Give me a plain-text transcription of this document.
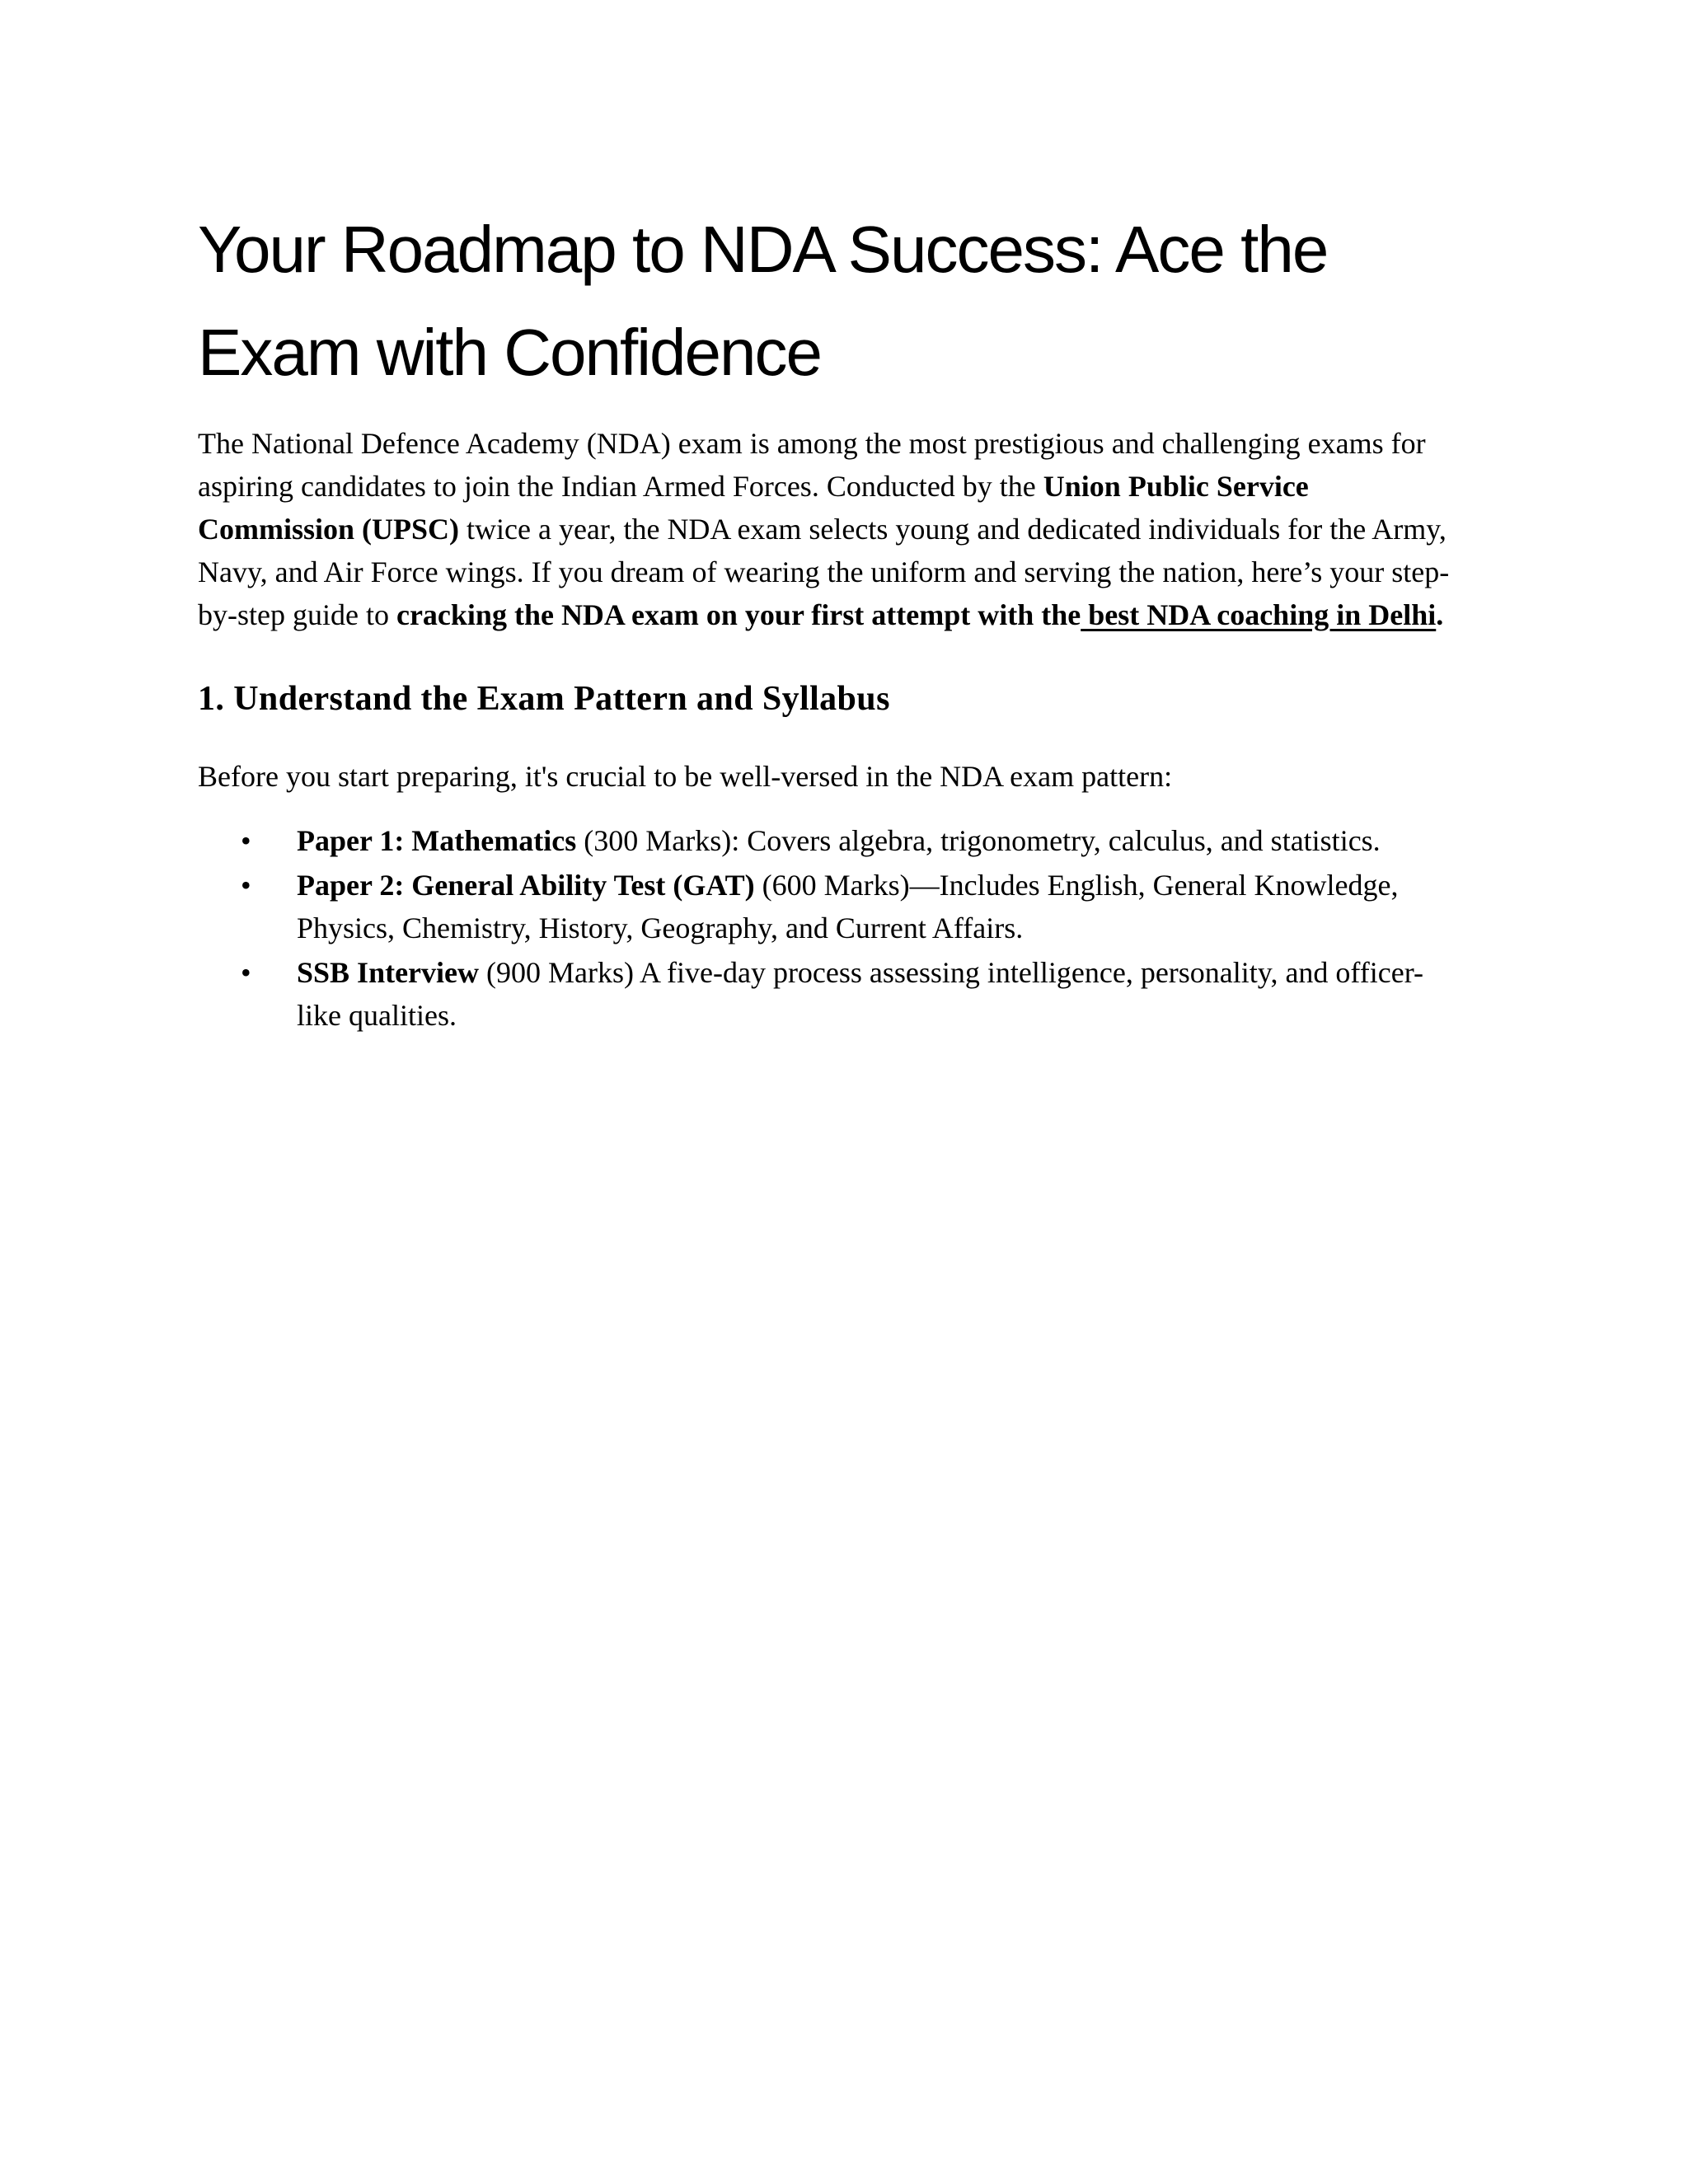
Your Roadmap to NDA Success: Ace the Exam with Confidence

The National Defence Academy (NDA) exam is among the most prestigious and challenging exams for aspiring candidates to join the Indian Armed Forces. Conducted by the Union Public Service Commission (UPSC) twice a year, the NDA exam selects young and dedicated individuals for the Army, Navy, and Air Force wings. If you dream of wearing the uniform and serving the nation, here’s your step-by-step guide to cracking the NDA exam on your first attempt with the best NDA coaching in Delhi.

1. Understand the Exam Pattern and Syllabus

Before you start preparing, it's crucial to be well-versed in the NDA exam pattern:

• Paper 1: Mathematics (300 Marks): Covers algebra, trigonometry, calculus, and statistics.
• Paper 2: General Ability Test (GAT) (600 Marks)—Includes English, General Knowledge, Physics, Chemistry, History, Geography, and Current Affairs.
• SSB Interview (900 Marks) A five-day process assessing intelligence, personality, and officer-like qualities.
